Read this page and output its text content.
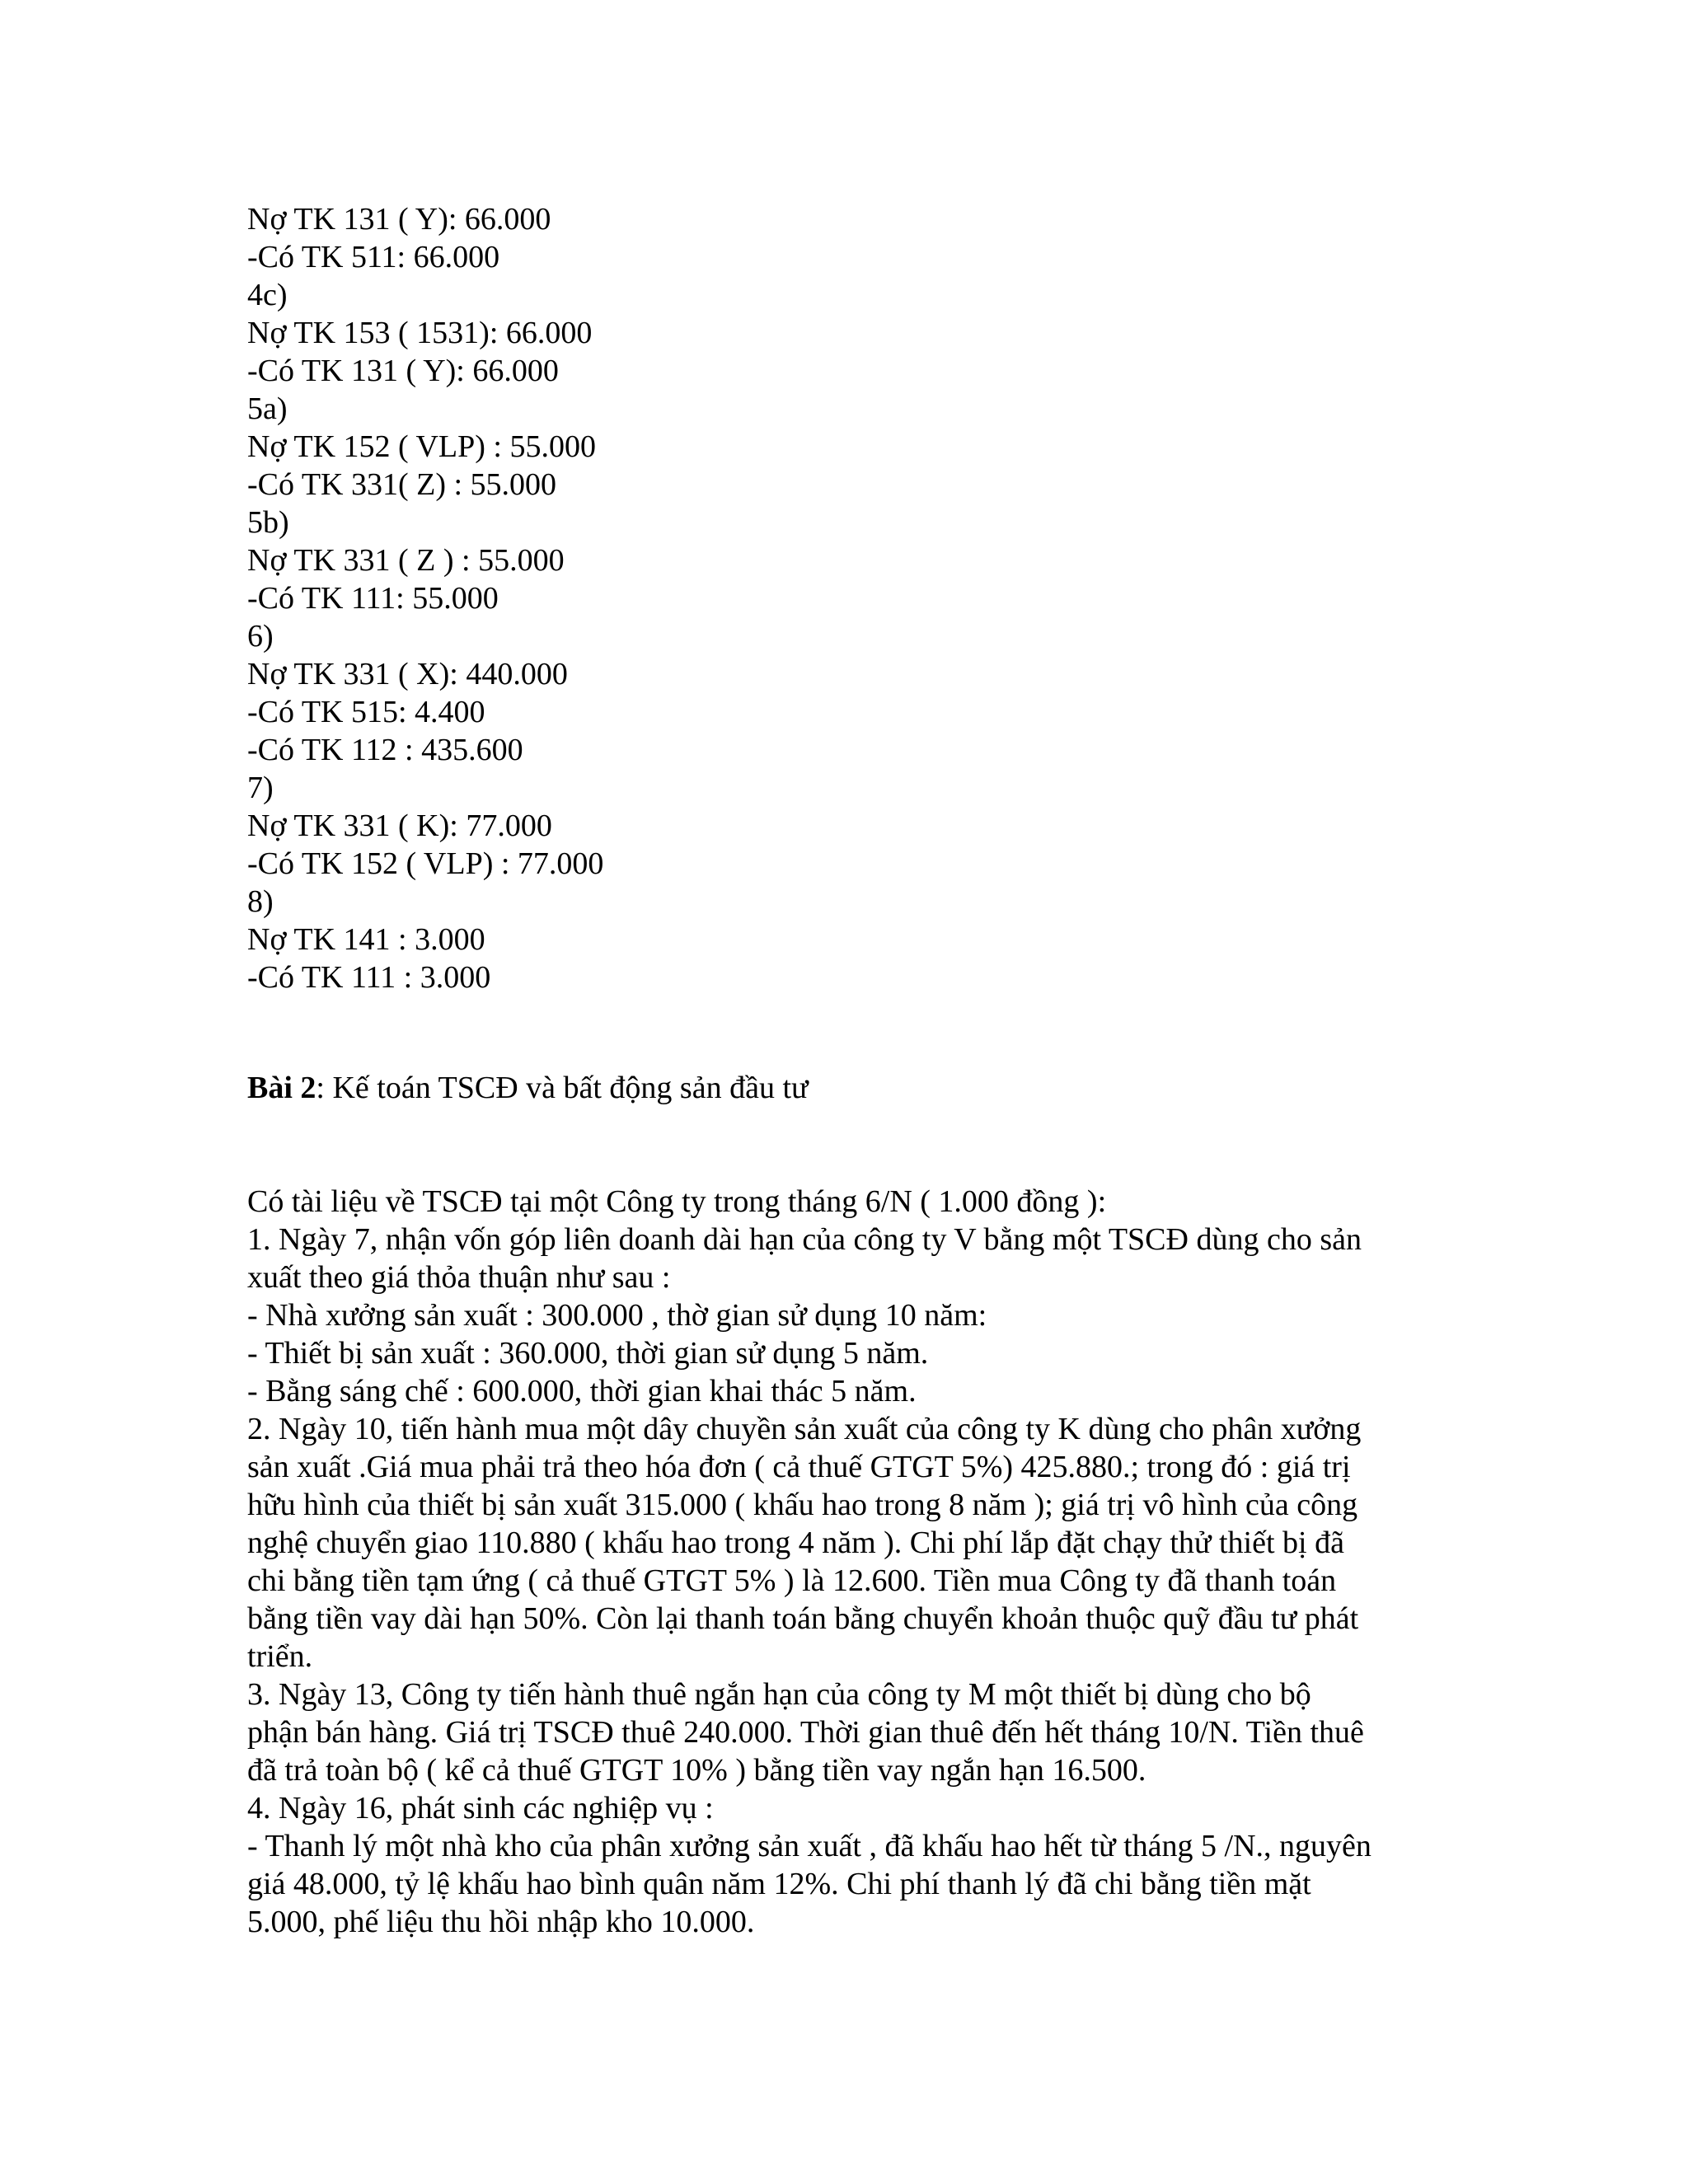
Nợ TK 131 ( Y): 66.000
-Có TK 511: 66.000
4c)
Nợ TK 153 ( 1531): 66.000
-Có TK 131 ( Y): 66.000
5a)
Nợ TK 152 ( VLP) : 55.000
-Có TK 331( Z) : 55.000
5b)
Nợ TK 331 ( Z ) : 55.000
-Có TK 111: 55.000
6)
Nợ TK 331 ( X): 440.000
-Có TK 515: 4.400
-Có TK 112 : 435.600
7)
Nợ TK 331 ( K): 77.000
-Có TK 152 ( VLP) : 77.000
8)
Nợ TK 141 : 3.000
-Có TK 111 : 3.000
Bài 2: Kế toán TSCĐ và bất động sản đầu tư
Có tài liệu về TSCĐ tại một Công ty trong tháng 6/N ( 1.000 đồng ):
1. Ngày 7, nhận vốn góp liên doanh dài hạn của công ty V bằng một TSCĐ dùng cho sản
xuất theo giá thỏa thuận như sau :
- Nhà xưởng sản xuất : 300.000 , thờ gian sử dụng 10 năm:
- Thiết bị sản xuất : 360.000, thời gian sử dụng 5 năm.
- Bằng sáng chế : 600.000, thời gian khai thác 5 năm.
2. Ngày 10, tiến hành mua một dây chuyền sản xuất của công ty K dùng cho phân xưởng
sản xuất .Giá mua phải trả theo hóa đơn ( cả thuế GTGT 5%) 425.880.; trong đó : giá trị
hữu hình của thiết bị sản xuất 315.000 ( khấu hao trong 8 năm ); giá trị vô hình của công
nghệ chuyển giao 110.880 ( khấu hao trong 4 năm ). Chi phí lắp đặt chạy thử thiết bị đã
chi bằng tiền tạm ứng ( cả thuế GTGT 5% ) là 12.600. Tiền mua Công ty đã thanh toán
bằng tiền vay dài hạn 50%. Còn lại thanh toán bằng chuyển khoản thuộc quỹ đầu tư phát
triển.
3. Ngày 13, Công ty tiến hành thuê ngắn hạn của công ty M một thiết bị dùng cho bộ
phận bán hàng. Giá trị TSCĐ thuê 240.000. Thời gian thuê đến hết tháng 10/N. Tiền thuê
đã trả toàn bộ ( kể cả thuế GTGT 10% ) bằng tiền vay ngắn hạn 16.500.
4. Ngày 16, phát sinh các nghiệp vụ :
- Thanh lý một nhà kho của phân xưởng sản xuất , đã khấu hao hết từ tháng 5 /N., nguyên
giá 48.000, tỷ lệ khấu hao bình quân năm 12%. Chi phí thanh lý đã chi bằng tiền mặt
5.000, phế liệu thu hồi nhập kho 10.000.
